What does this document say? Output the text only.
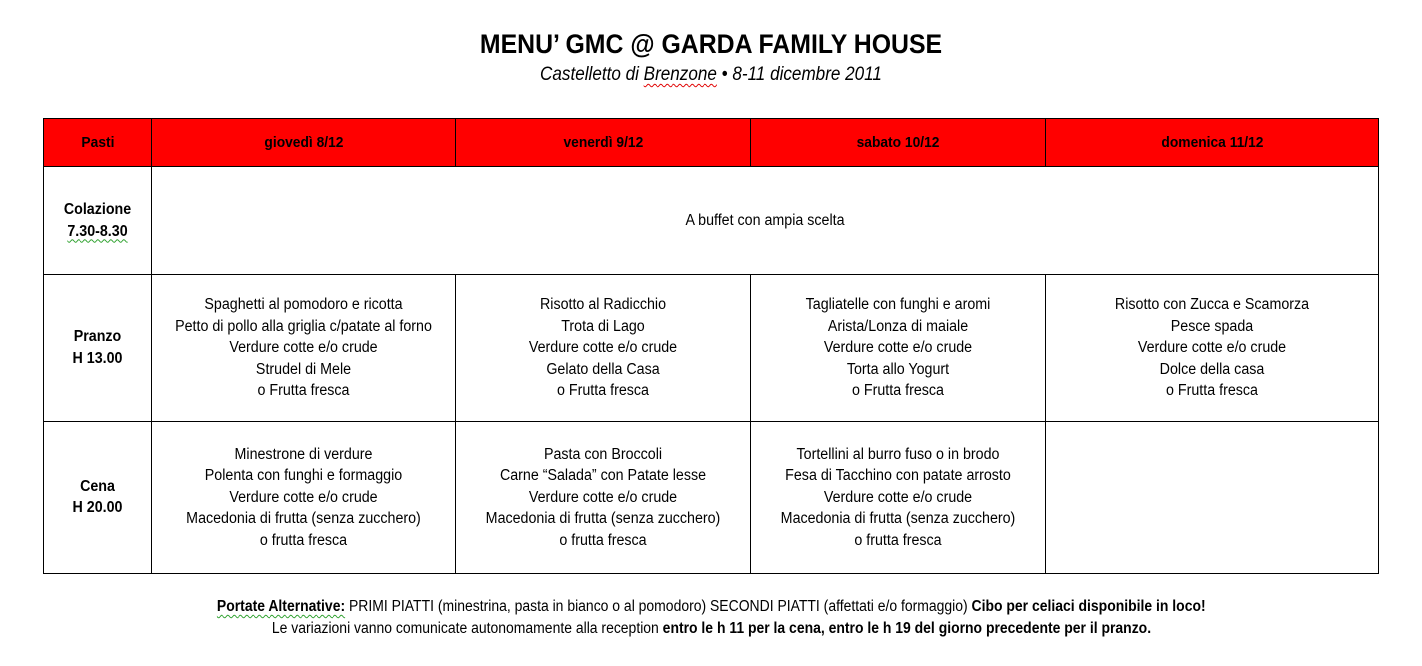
MENU’ GMC @ GARDA FAMILY HOUSE
Castelletto di Brenzone • 8-11 dicembre 2011
Pasti	giovedì 8/12	venerdì 9/12	sabato 10/12	domenica 11/12

Colazione
7.30-8.30	A buffet con ampia scelta			

Pranzo
H 13.00	Spaghetti al pomodoro e ricotta
Petto di pollo alla griglia c/patate al forno
Verdure cotte e/o crude
Strudel di Mele
o Frutta fresca	Risotto al Radicchio
Trota di Lago
Verdure cotte e/o crude
Gelato della Casa
o Frutta fresca	Tagliatelle con funghi e aromi
Arista/Lonza di maiale
Verdure cotte e/o crude
Torta allo Yogurt
o Frutta fresca	Risotto con Zucca e Scamorza
Pesce spada
Verdure cotte e/o crude
Dolce della casa
o Frutta fresca

Cena
H 20.00	Minestrone di verdure
Polenta con funghi e formaggio
Verdure cotte e/o crude
Macedonia di frutta (senza zucchero)
o frutta fresca	Pasta con Broccoli
Carne “Salada” con Patate lesse
Verdure cotte e/o crude
Macedonia di frutta (senza zucchero)
o frutta fresca	Tortellini al burro fuso o in brodo
Fesa di Tacchino con patate arrosto
Verdure cotte e/o crude
Macedonia di frutta (senza zucchero)
o frutta fresca	

Portate Alternative: PRIMI PIATTI (minestrina, pasta in bianco o al pomodoro) SECONDI PIATTI (affettati e/o formaggio) Cibo per celiaci disponibile in loco!
Le variazioni vanno comunicate autonomamente alla reception entro le h 11 per la cena, entro le h 19 del giorno precedente per il pranzo.
